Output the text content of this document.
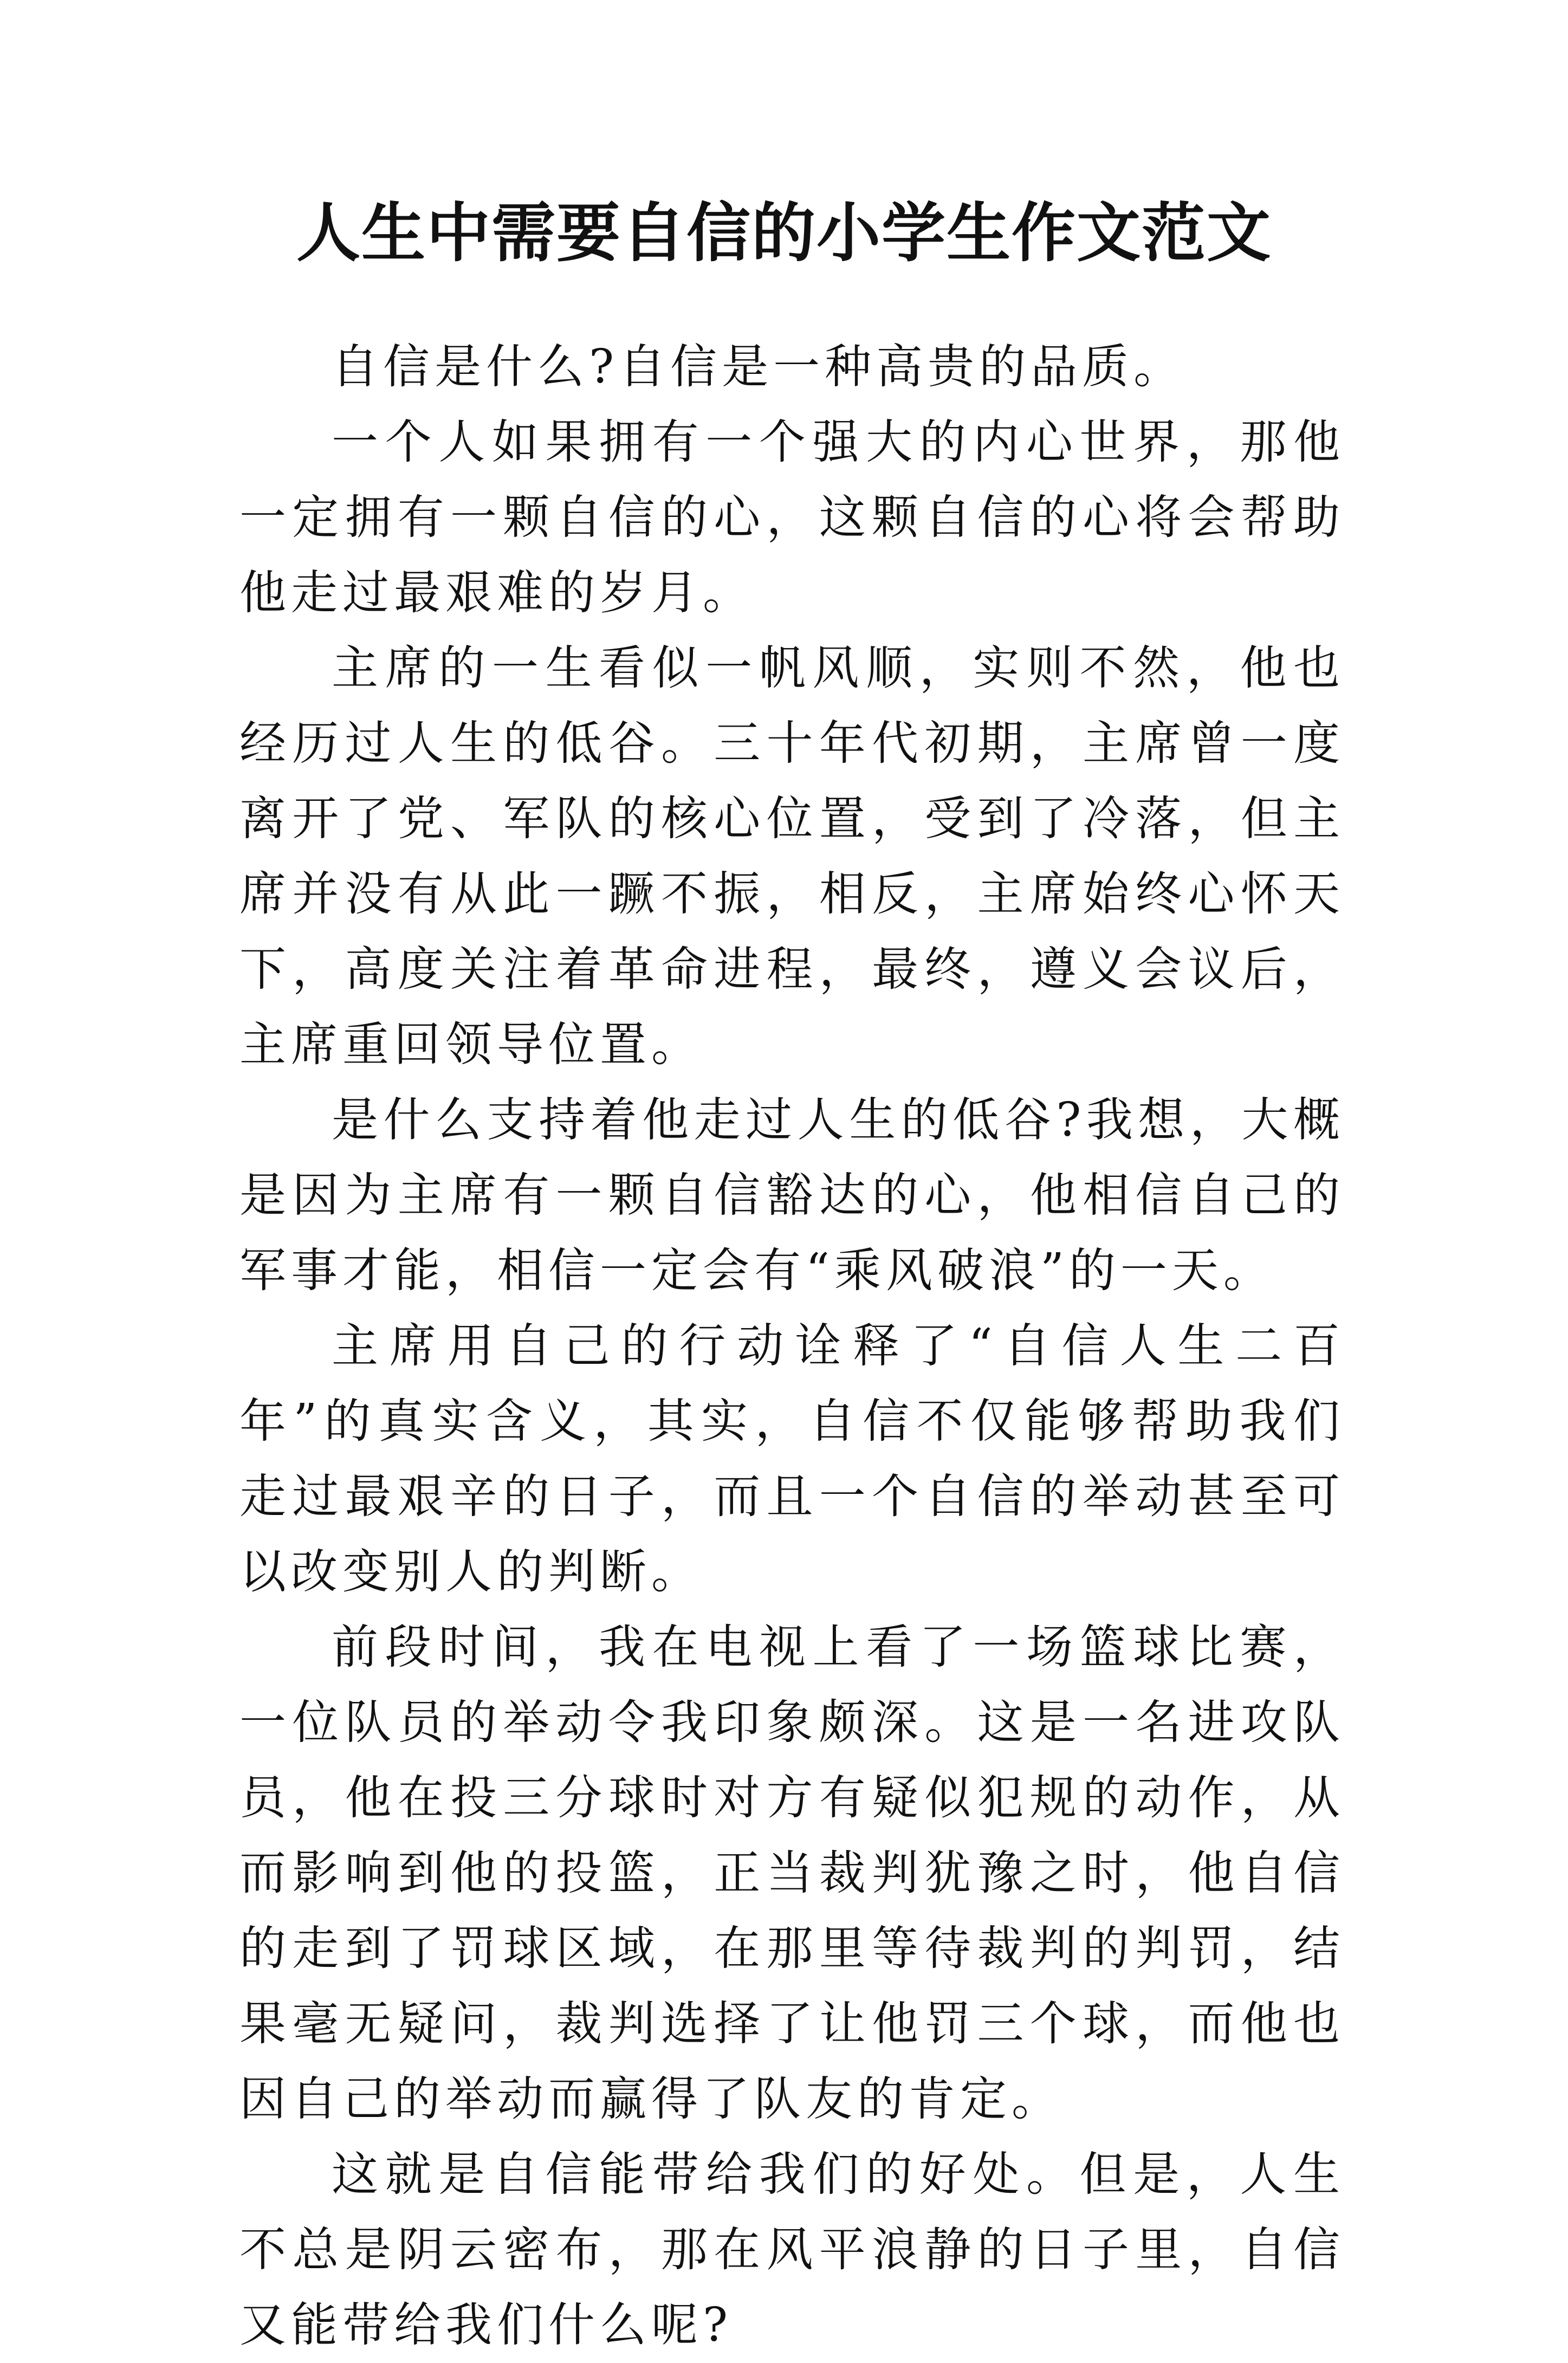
人生中需要自信的小学生作文范文

自信是什么?自信是一种高贵的品质。

一个人如果拥有一个强大的内心世界，那他一定拥有一颗自信的心，这颗自信的心将会帮助他走过最艰难的岁月。

主席的一生看似一帆风顺，实则不然，他也经历过人生的低谷。三十年代初期，主席曾一度离开了党、军队的核心位置，受到了冷落，但主席并没有从此一蹶不振，相反，主席始终心怀天下，高度关注着革命进程，最终，遵义会议后，主席重回领导位置。

是什么支持着他走过人生的低谷?我想，大概是因为主席有一颗自信豁达的心，他相信自己的军事才能，相信一定会有“乘风破浪”的一天。

主席用自己的行动诠释了“自信人生二百年”的真实含义，其实，自信不仅能够帮助我们走过最艰辛的日子，而且一个自信的举动甚至可以改变别人的判断。

前段时间，我在电视上看了一场篮球比赛，一位队员的举动令我印象颇深。这是一名进攻队员，他在投三分球时对方有疑似犯规的动作，从而影响到他的投篮，正当裁判犹豫之时，他自信的走到了罚球区域，在那里等待裁判的判罚，结果毫无疑问，裁判选择了让他罚三个球，而他也因自己的举动而赢得了队友的肯定。

这就是自信能带给我们的好处。但是，人生不总是阴云密布，那在风平浪静的日子里，自信又能带给我们什么呢?
